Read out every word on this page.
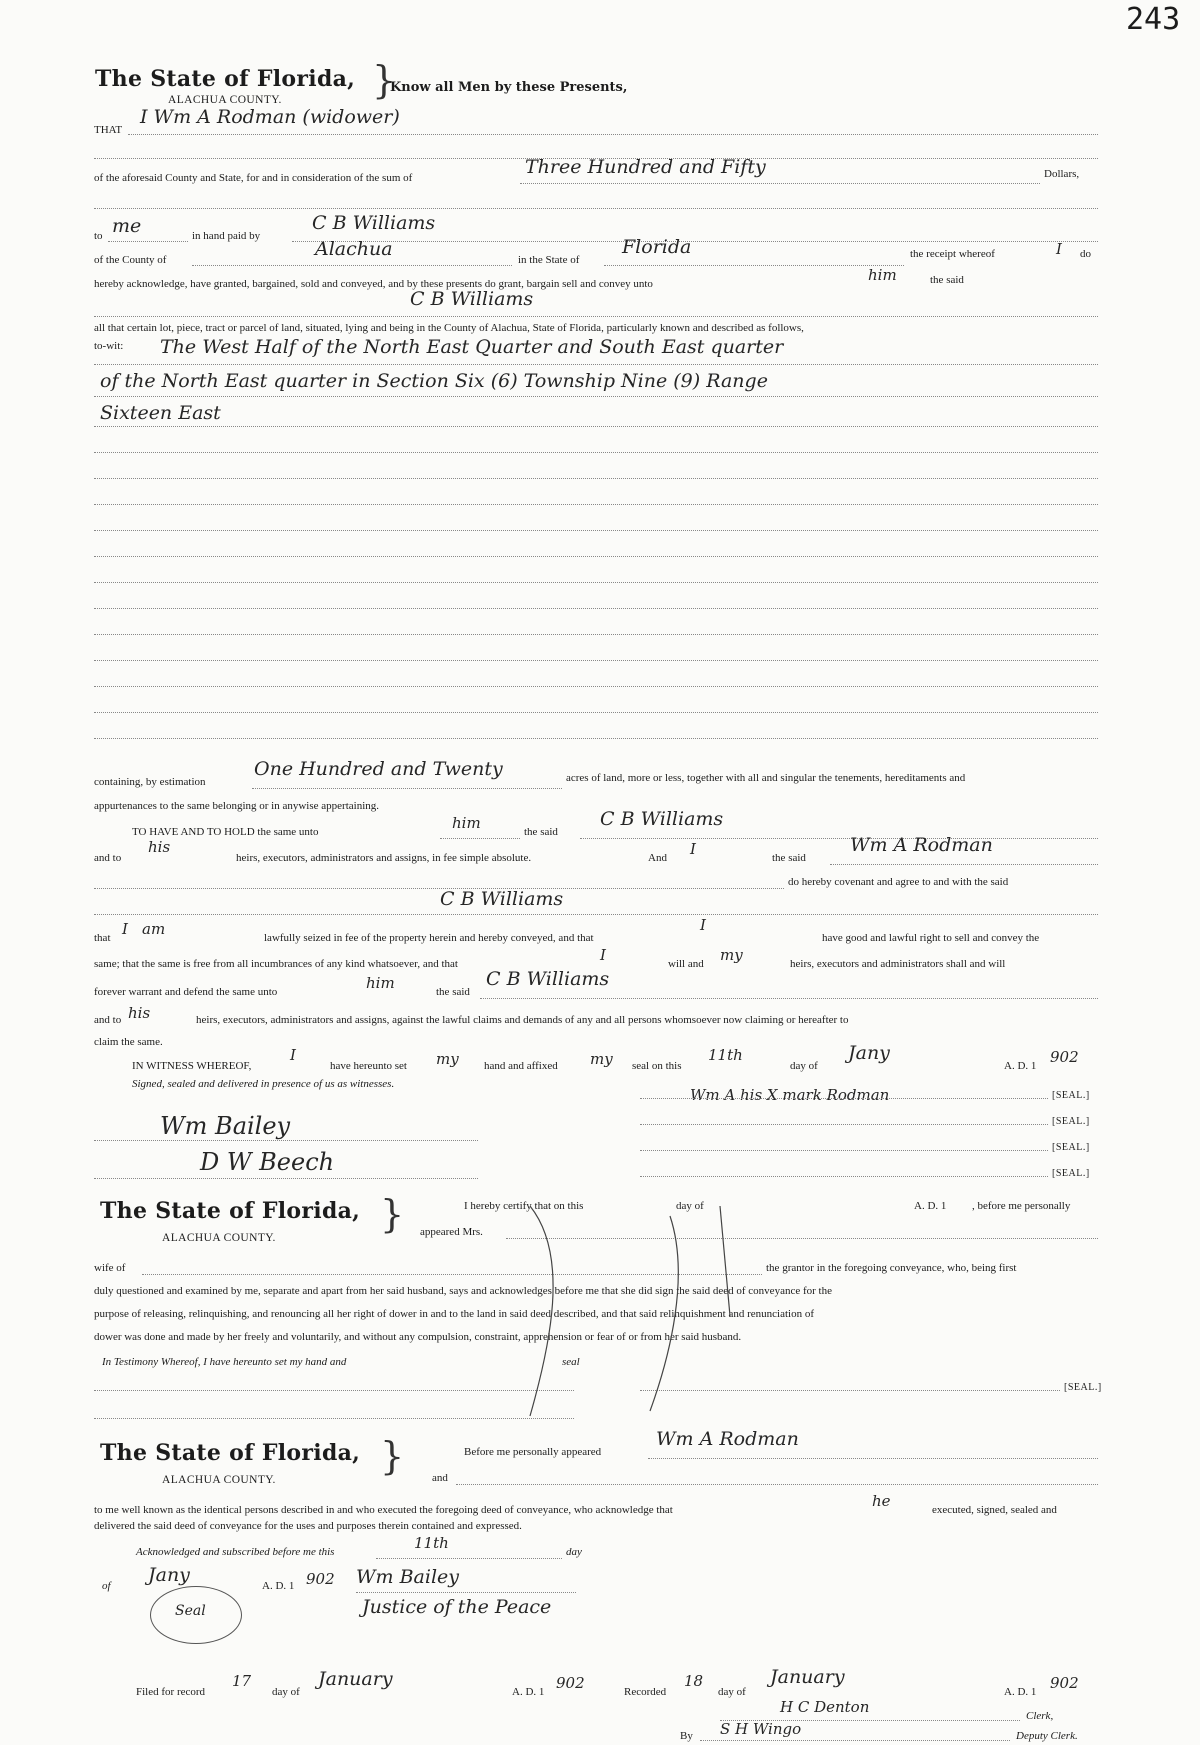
243
The State of Florida, }
Know all Men by these Presents,
ALACHUA COUNTY.
THAT
I Wm A Rodman (widower)
of the aforesaid County and State, for and in consideration of the sum of	Three Hundred and Fifty	Dollars,
to me	in hand paid by
C B Williams
of the County of	Alachua	in the State of
Florida	the receipt whereof	I do
hereby acknowledge, have granted, bargained, sold and conveyed, and by these presents do grant, bargain sell and convey unto	him	the said
C B Williams
all that certain lot, piece, tract or parcel of land, situated, lying and being in the County of Alachua, State of Florida, particularly known and described as follows,
to-wit: The West Half of the North East Quarter and South East quarter
of the North East quarter in Section Six (6) Township Nine (9) Range
Sixteen East
containing, by estimation
One Hundred and Twenty	acres of land, more or less, together with all and singular the tenements, hereditaments and
appurtenances to the same belonging or in anywise appertaining.
TO HAVE AND TO HOLD the same unto	him	the said
C B Williams
and to
his
heirs, executors, administrators and assigns, in fee simple absolute.	And I	the said
Wm A Rodman
do hereby covenant and agree to and with the said
C B Williams
that I am	lawfully seized in fee of the property herein and hereby conveyed, and that
I
have good and lawful right to sell and convey the
same; that the same is free from all incumbrances of any kind whatsoever, and that	I	will and my	heirs, executors and administrators shall and will
forever warrant and defend the same unto	him	the said
C B Williams
and to his	heirs, executors, administrators and assigns, against the lawful claims and demands of any and all persons whomsoever now claiming or hereafter to
claim the same.
IN WITNESS WHEREOF,
I
have hereunto set my hand and affixed my seal on this
11th
day of
Jany
A. D. 1 902
Signed, sealed and delivered in presence of us as witnesses.
Wm Bailey
D W Beech
Wm A his X mark Rodman	[SEAL.]
[SEAL.]
[SEAL.]
[SEAL.]
The State of Florida, }
ALACHUA COUNTY.
I hereby certify that on this	day of	A. D. 1 , before me personally
appeared Mrs.
wife of	the grantor in the foregoing conveyance, who, being first
duly questioned and examined by me, separate and apart from her said husband, says and acknowledges before me that she did sign the said deed of conveyance for the
purpose of releasing, relinquishing, and renouncing all her right of dower in and to the land in said deed described, and that said relinquishment and renunciation of
dower was done and made by her freely and voluntarily, and without any compulsion, constraint, apprehension or fear of or from her said husband.
In Testimony Whereof, I have hereunto set my hand and	seal
[SEAL.]
The State of Florida, }
ALACHUA COUNTY.
Before me personally appeared
Wm A Rodman
and
to me well known as the identical persons described in and who executed the foregoing deed of conveyance, who acknowledge that	he	executed, signed, sealed and
delivered the said deed of conveyance for the uses and purposes therein contained and expressed.
Acknowledged and subscribed before me this	11th	day
of Jany	A. D. 1 902 Wm Bailey
Justice of the Peace
Seal
Filed for record
17
day of
January
A. D. 1 902	Recorded
18
day of
January
A. D. 1 902
H C Denton	Clerk,
By S H Wingo	Deputy Clerk.
